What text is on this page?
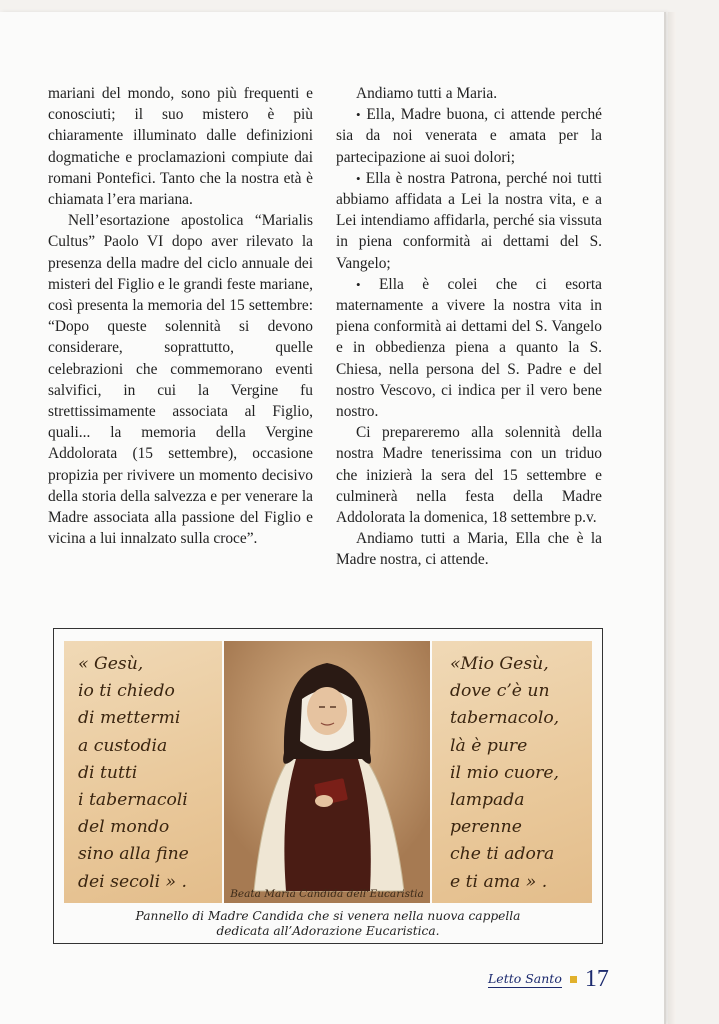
mariani del mondo, sono più frequenti e conosciuti; il suo mistero è più chiaramente illuminato dalle definizioni dogmatiche e proclamazioni compiute dai romani Pontefici. Tanto che la nostra età è chiamata l’era mariana.

Nell’esortazione apostolica “Marialis Cultus” Paolo VI dopo aver rilevato la presenza della madre del ciclo annuale dei misteri del Figlio e le grandi feste mariane, così presenta la memoria del 15 settembre: “Dopo queste solennità si devono considerare, soprattutto, quelle celebrazioni che commemorano eventi salvifici, in cui la Vergine fu strettissimamente associata al Figlio, quali... la memoria della Vergine Addolorata (15 settembre), occasione propizia per rivivere un momento decisivo della storia della salvezza e per venerare la Madre associata alla passione del Figlio e vicina a lui innalzato sulla croce”.

Andiamo tutti a Maria.

• Ella, Madre buona, ci attende perché sia da noi venerata e amata per la partecipazione ai suoi dolori;

• Ella è nostra Patrona, perché noi tutti abbiamo affidata a Lei la nostra vita, e a Lei intendiamo affidarla, perché sia vissuta in piena conformità ai dettami del S. Vangelo;

• Ella è colei che ci esorta maternamente a vivere la nostra vita in piena conformità ai dettami del S. Vangelo e in obbedienza piena a quanto la S. Chiesa, nella persona del S. Padre e del nostro Vescovo, ci indica per il vero bene nostro.

Ci prepareremo alla solennità della nostra Madre tenerissima con un triduo che inizierà la sera del 15 settembre e culminerà nella festa della Madre Addolorata la domenica, 18 settembre p.v.

Andiamo tutti a Maria, Ella che è la Madre nostra, ci attende.

« Gesù,
io ti chiedo
di mettermi
a custodia
di tutti
i tabernacoli
del mondo
sino alla fine
dei secoli » .
Beata Maria Candida dell’Eucaristia
«Mio Gesù,
dove c’è un
tabernacolo,
là è pure
il mio cuore,
lampada
perenne
che ti adora
e ti ama » .
Pannello di Madre Candida che si venera nella nuova cappella
dedicata all’Adorazione Eucaristica.
Letto Santo 17
